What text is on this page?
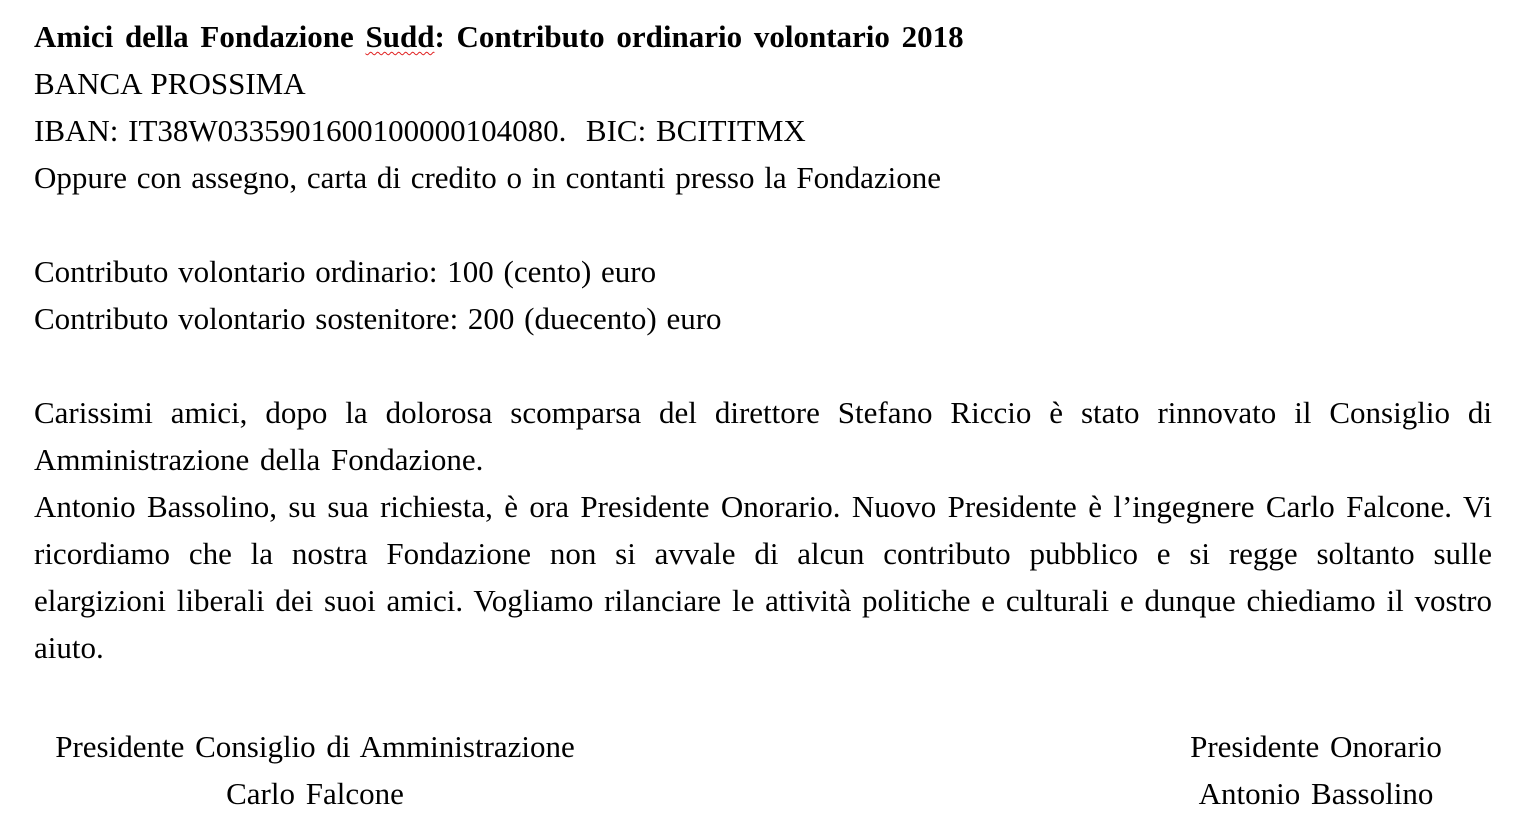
Amici della Fondazione Sudd: Contributo ordinario volontario 2018
BANCA PROSSIMA
IBAN: IT38W0335901600100000104080.  BIC: BCITITMX
Oppure con assegno, carta di credito o in contanti presso la Fondazione
Contributo volontario ordinario: 100 (cento) euro
Contributo volontario sostenitore: 200 (duecento) euro
Carissimi amici, dopo la dolorosa scomparsa del direttore Stefano Riccio è stato rinnovato il Consiglio di Amministrazione della Fondazione.
Antonio Bassolino, su sua richiesta, è ora Presidente Onorario. Nuovo Presidente è l’ingegnere Carlo Falcone. Vi ricordiamo che la nostra Fondazione non si avvale di alcun contributo pubblico e si regge soltanto sulle elargizioni liberali dei suoi amici. Vogliamo rilanciare le attività politiche e culturali e dunque chiediamo il vostro aiuto.
Presidente Consiglio di Amministrazione
Carlo Falcone
Presidente Onorario
Antonio Bassolino
